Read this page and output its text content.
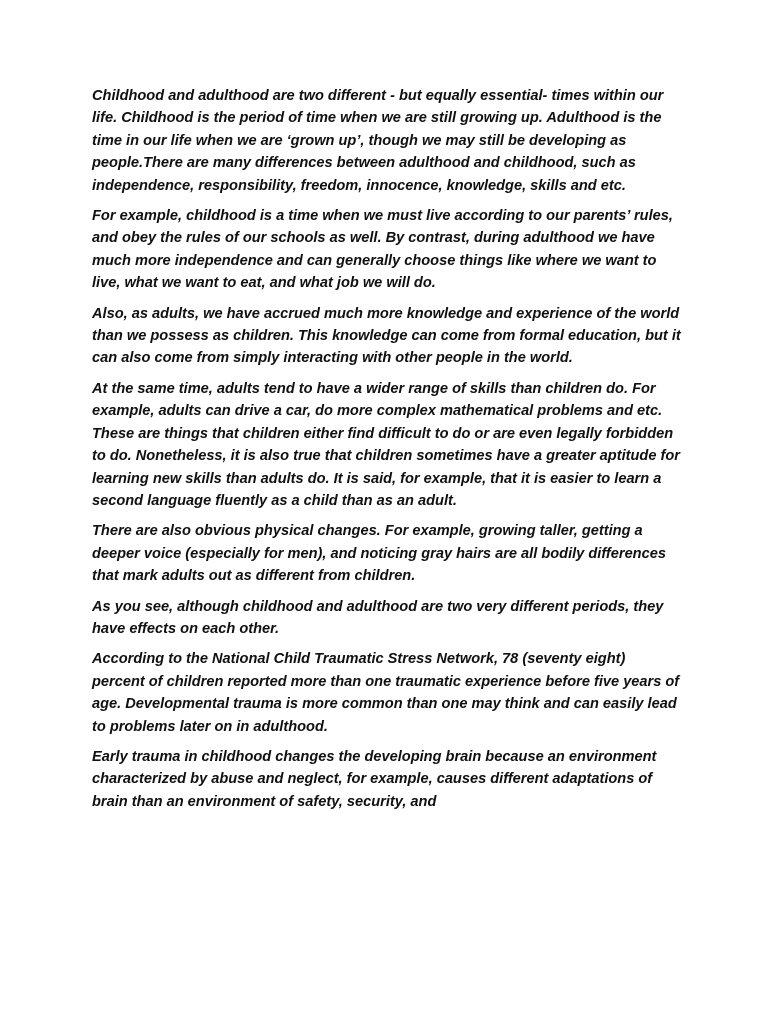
Childhood and adulthood are two different - but equally essential- times within our life. Childhood is the period of time when we are still growing up. Adulthood is the time in our life when we are ‘grown up’, though we may still be developing as people.There are many differences between adulthood and childhood, such as independence, responsibility, freedom, innocence, knowledge, skills and etc.

For example, childhood is a time when we must live according to our parents’ rules, and obey the rules of our schools as well. By contrast, during adulthood we have much more independence and can generally choose things like where we want to live, what we want to eat, and what job we will do.

Also, as adults, we have accrued much more knowledge and experience of the world than we possess as children. This knowledge can come from formal education, but it can also come from simply interacting with other people in the world.

At the same time, adults tend to have a wider range of skills than children do. For example, adults can drive a car, do more complex mathematical problems and etc. These are things that children either find difficult to do or are even legally forbidden to do. Nonetheless, it is also true that children sometimes have a greater aptitude for learning new skills than adults do. It is said, for example, that it is easier to learn a second language fluently as a child than as an adult.

There are also obvious physical changes. For example, growing taller, getting a deeper voice (especially for men), and noticing gray hairs are all bodily differences that mark adults out as different from children.

As you see, although childhood and adulthood are two very different periods, they have effects on each other.

According to the National Child Traumatic Stress Network, 78 (seventy eight) percent of children reported more than one traumatic experience before five years of age. Developmental trauma is more common than one may think and can easily lead to problems later on in adulthood.

Early trauma in childhood changes the developing brain because an environment characterized by abuse and neglect, for example, causes different adaptations of brain than an environment of safety, security, and
